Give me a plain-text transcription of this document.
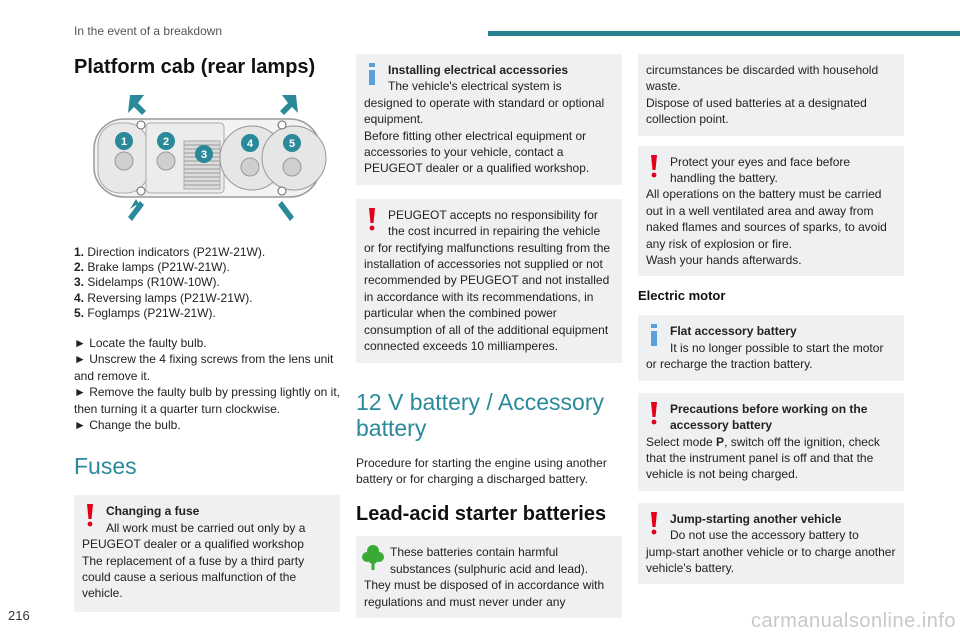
In the event of a breakdown
Platform cab (rear lamps)
1	2
3
4	5
1. Direction indicators (P21W-21W).
2. Brake lamps (P21W-21W).
3. Sidelamps (R10W-10W).
4. Reversing lamps (P21W-21W).
5. Foglamps (P21W-21W).

► Locate the faulty bulb.

► Unscrew the 4 fixing screws from the lens unit and remove it.

► Remove the faulty bulb by pressing lightly on it, then turning it a quarter turn clockwise.

► Change the bulb.

Fuses
Changing a fuse
All work must be carried out only by a
PEUGEOT dealer or a qualified workshop
The replacement of a fuse by a third party could cause a serious malfunction of the vehicle.
Installing electrical accessories
The vehicle's electrical system is
designed to operate with standard or optional equipment.
Before fitting other electrical equipment or accessories to your vehicle, contact a PEUGEOT dealer or a qualified workshop.
PEUGEOT accepts no responsibility for
the cost incurred in repairing the vehicle
or for rectifying malfunctions resulting from the installation of accessories not supplied or not recommended by PEUGEOT and not installed in accordance with its recommendations, in particular when the combined power consumption of all of the additional equipment connected exceeds 10 milliamperes.
12 V battery / Accessory battery

Procedure for starting the engine using another battery or for charging a discharged battery.

Lead-acid starter batteries
These batteries contain harmful
substances (sulphuric acid and lead).
They must be disposed of in accordance with regulations and must never under any
circumstances be discarded with household waste.
Dispose of used batteries at a designated collection point.
Protect your eyes and face before
handling the battery.
All operations on the battery must be carried out in a well ventilated area and away from naked flames and sources of sparks, to avoid any risk of explosion or fire.
Wash your hands afterwards.
Electric motor
Flat accessory battery
It is no longer possible to start the motor
or recharge the traction battery.
Precautions before working on the accessory battery
Select mode P, switch off the ignition, check that the instrument panel is off and that the vehicle is not being charged.
Jump-starting another vehicle
Do not use the accessory battery to
jump-start another vehicle or to charge another vehicle's battery.
216	carmanualsonline.info
